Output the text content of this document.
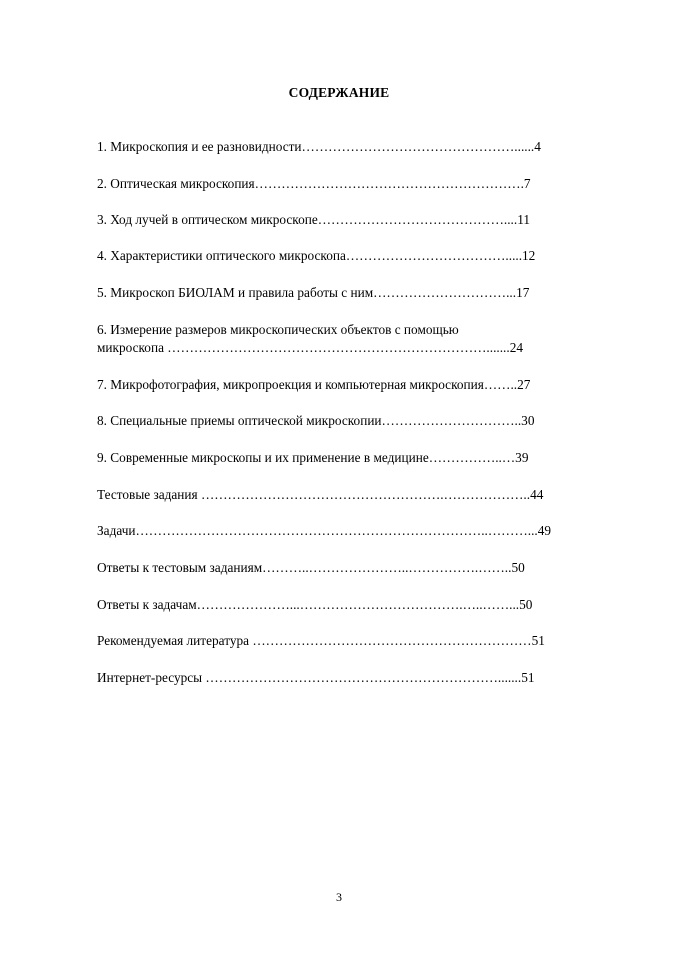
СОДЕРЖАНИЕ
1. Микроскопия и ее разновидности…………………………………………......4
2. Оптическая микроскопия…………………………………………………….7
3. Ход лучей в оптическом микроскопе……………………………………....11
4. Характеристики оптического микроскопа……………………………….....12
5. Микроскоп БИОЛАМ и правила работы с ним…………………………...17
6. Измерение размеров микроскопических объектов с помощью
микроскопа ……………………………………………………………….......24
7. Микрофотография, микропроекция и компьютерная микроскопия……..27
8. Специальные приемы оптической микроскопии…………………………..30
9. Современные микроскопы и их применение в медицине……………..…39
Тестовые задания ……………………………………………….………………..44
Задачи……………………………………………………………………..………...49
Ответы к тестовым заданиям………..…………………..…………….……..50
Ответы к задачам…………………...……………………………….…..……...50
Рекомендуемая литература ………………………………………………………51
Интернет-ресурсы ………………………………………………………….......51
3
